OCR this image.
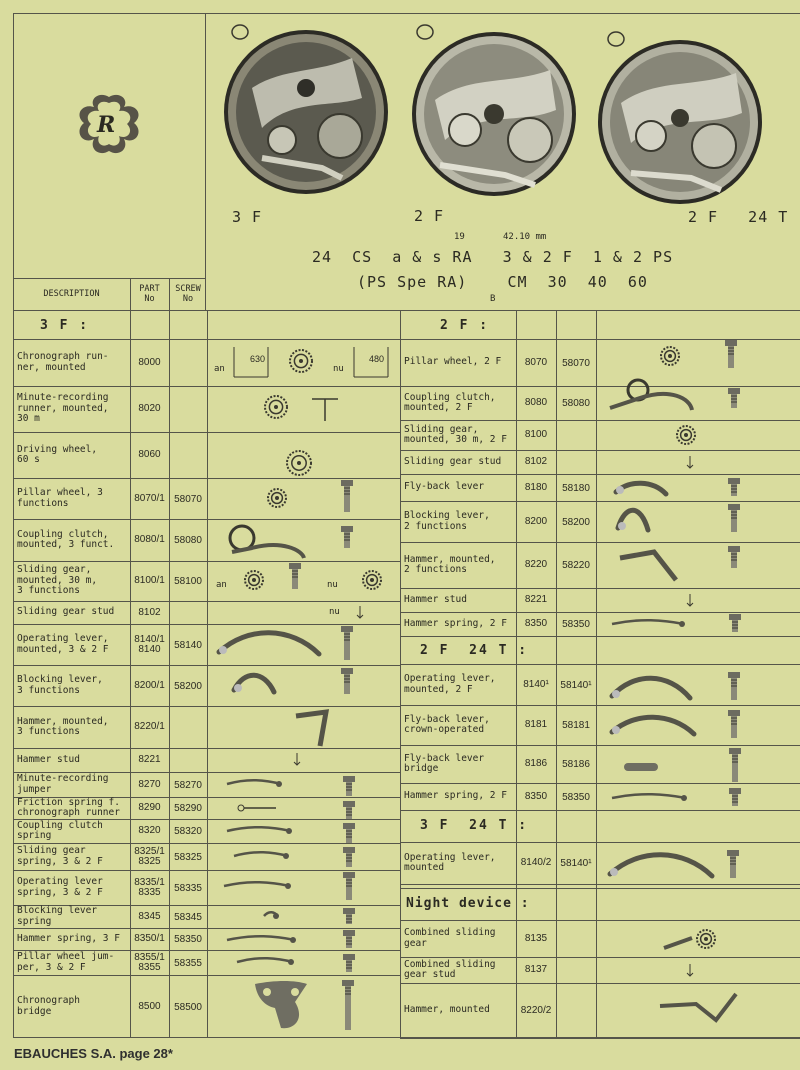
R
3 F	2 F	2 F   24 T
19	42.10 mm
24  CS  a & s RA   3 & 2 F  1 & 2 PS
(PS Spe RA)    CM  30  40  60
B
DESCRIPTION	PART
No
SCREW
No
3 F :	2 F :
2 F  24 T :
3 F  24 T :
Night device :
Chronograph run-
ner, mounted	8000
Minute-recording
runner, mounted,
30 m
8020
Driving wheel,
60 s	8060
Pillar wheel, 3
functions	8070/1 58070
Coupling clutch,
mounted, 3 funct.	8080/1 58080
Sliding gear,
mounted, 30 m,
3 functions
8100/1 58100
Sliding gear stud	8102
Operating lever,
mounted, 3 & 2 F
8140/1
8140	58140
Blocking lever,
3 functions	8200/1 58200
Hammer, mounted,
3 functions	8220/1
Hammer stud	8221
Minute-recording
jumper	8270	58270
Friction spring f.
chronograph runner	8290	58290
Coupling clutch
spring	8320	58320
Sliding gear
spring, 3 & 2 F
8325/1
8325	58325
Operating lever
spring, 3 & 2 F
8335/1
8335	58335
Blocking lever
spring	8345	58345
Hammer spring, 3 F	8350/1 58350
Pillar wheel jum-
per, 3 & 2 F
8355/1
8355	58355
Chronograph
bridge	8500	58500
Pillar wheel, 2 F	8070	58070
Coupling clutch,
mounted, 2 F	8080	58080
Sliding gear,
mounted, 30 m, 2 F	8100
Sliding gear stud	8102
Fly-back lever	8180	58180
Blocking lever,
2 functions	8200	58200
Hammer, mounted,
2 functions	8220	58220
Hammer stud	8221
Hammer spring, 2 F	8350	58350
Operating lever,
mounted, 2 F	8140¹	58140¹
Fly-back lever,
crown-operated	8181	58181
Fly-back lever
bridge	8186	58186
Hammer spring, 2 F	8350	58350
Operating lever,
mounted	8140/2 58140¹
Combined sliding
gear	8135
Combined sliding
gear stud	8137
Hammer, mounted	8220/2
an	nu
630	480
an	nu
nu
EBAUCHES S.A. page 28*
